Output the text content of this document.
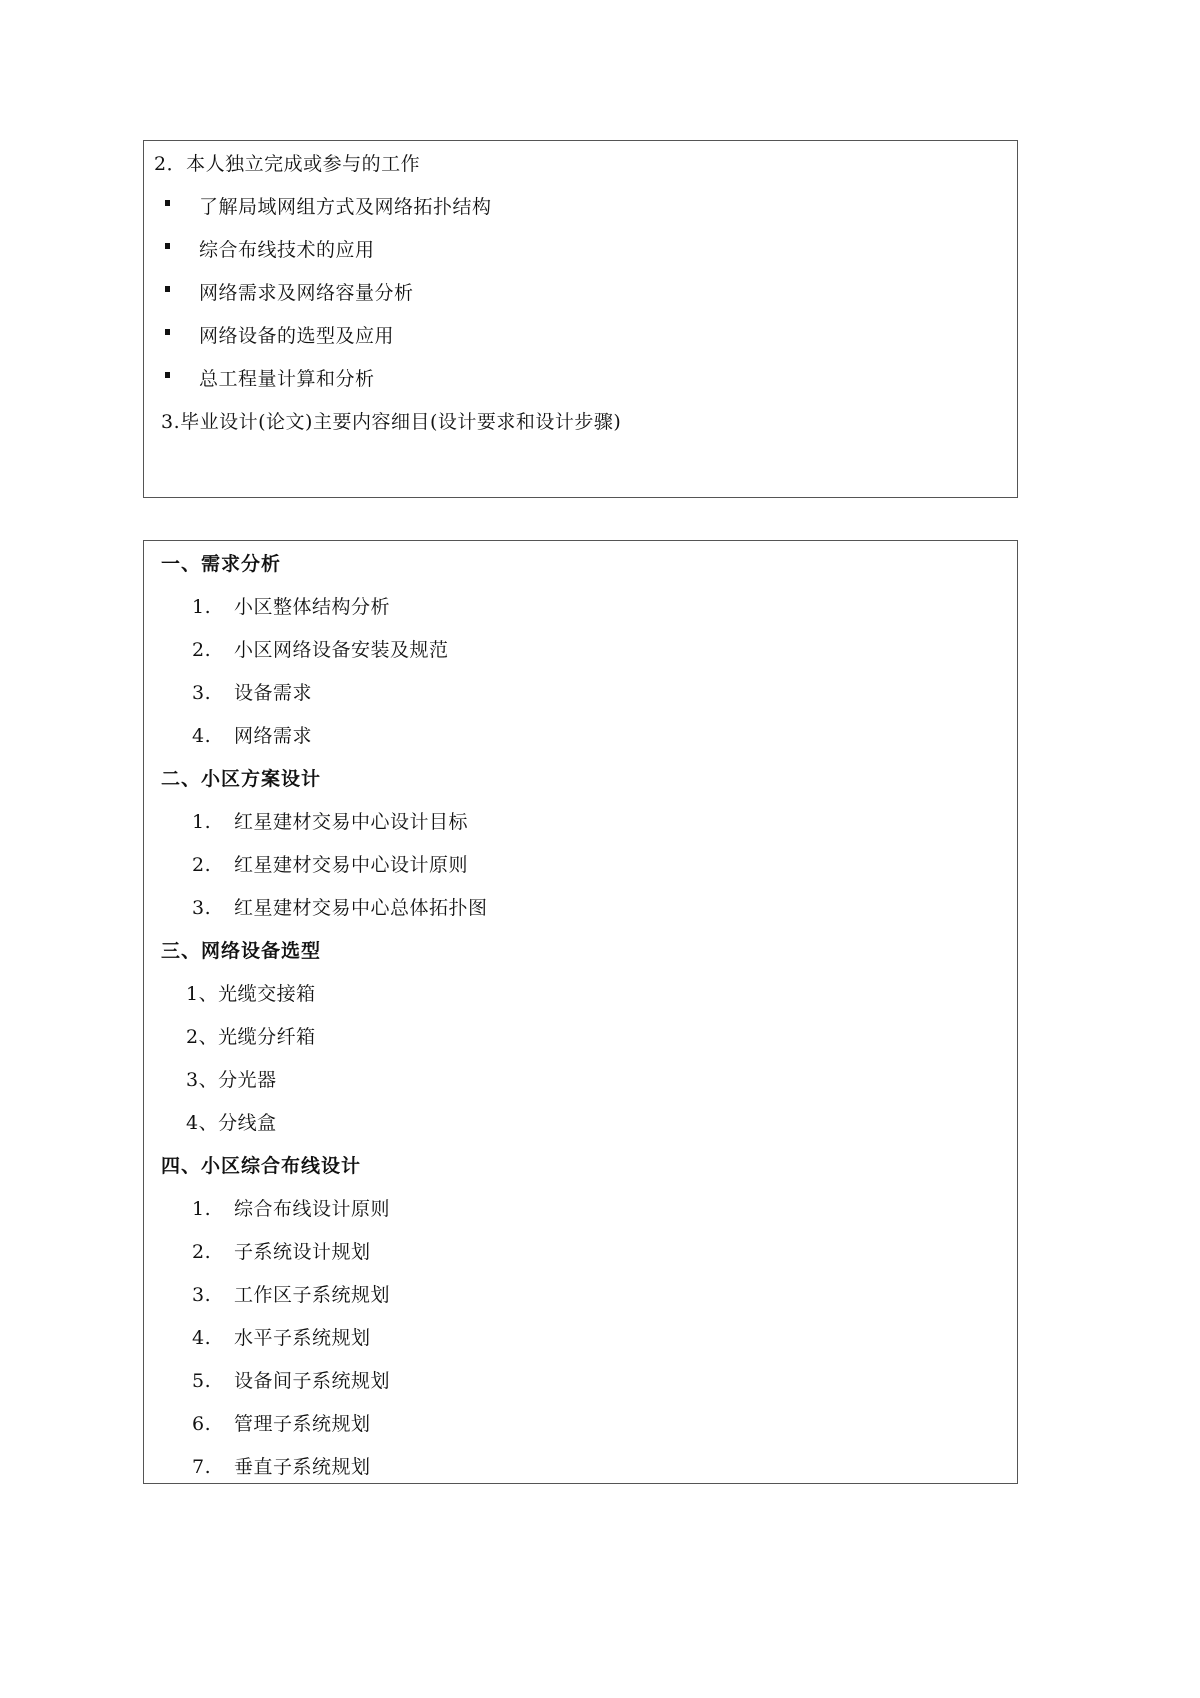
2．本人独立完成或参与的工作
了解局域网组方式及网络拓扑结构
综合布线技术的应用
网络需求及网络容量分析
网络设备的选型及应用
总工程量计算和分析
3.毕业设计(论文)主要内容细目(设计要求和设计步骤)
一、需求分析
1. 小区整体结构分析
2. 小区网络设备安装及规范
3. 设备需求
4. 网络需求
二、小区方案设计
1. 红星建材交易中心设计目标
2. 红星建材交易中心设计原则
3. 红星建材交易中心总体拓扑图
三、网络设备选型
1、光缆交接箱
2、光缆分纤箱
3、分光器
4、分线盒
四、小区综合布线设计
1. 综合布线设计原则
2. 子系统设计规划
3. 工作区子系统规划
4. 水平子系统规划
5. 设备间子系统规划
6. 管理子系统规划
7. 垂直子系统规划
